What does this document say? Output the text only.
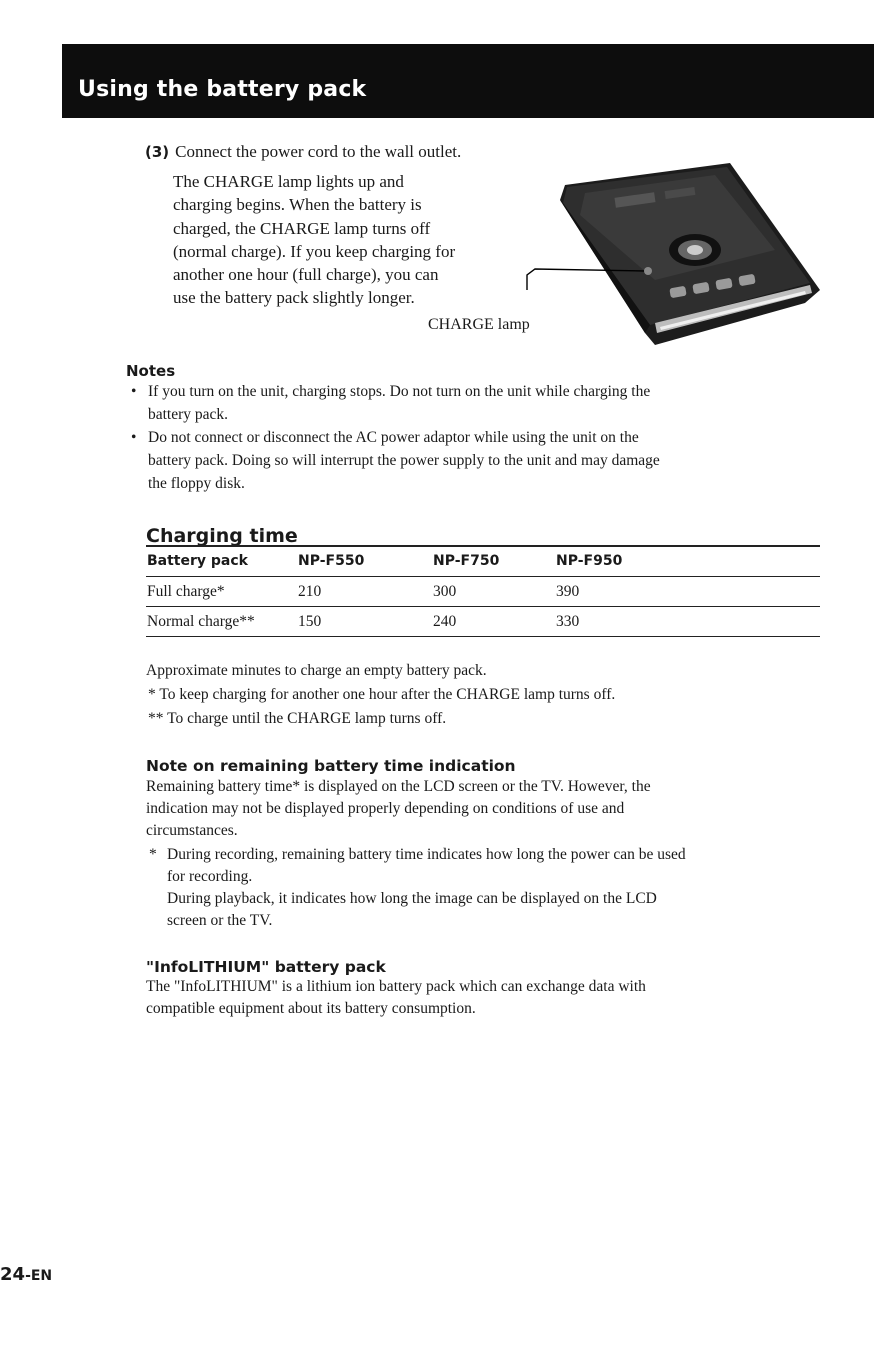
Using the battery pack
(3) Connect the power cord to the wall outlet.
The CHARGE lamp lights up and
charging begins. When the battery is
charged, the CHARGE lamp turns off
(normal charge). If you keep charging for
another one hour (full charge), you can
use the battery pack slightly longer.
CHARGE lamp
Notes
• If you turn on the unit, charging stops. Do not turn on the unit while charging the
battery pack.
• Do not connect or disconnect the AC power adaptor while using the unit on the
battery pack. Doing so will interrupt the power supply to the unit and may damage
the floppy disk.
Charging time
Battery pack	NP-F550	NP-F750	NP-F950
Full charge*	210	300	390
Normal charge**	150	240	330
Approximate minutes to charge an empty battery pack.
* To keep charging for another one hour after the CHARGE lamp turns off.
** To charge until the CHARGE lamp turns off.
Note on remaining battery time indication
Remaining battery time* is displayed on the LCD screen or the TV. However, the
indication may not be displayed properly depending on conditions of use and
circumstances.
* During recording, remaining battery time indicates how long the power can be used
for recording.
During playback, it indicates how long the image can be displayed on the LCD
screen or the TV.
"InfoLITHIUM" battery pack
The "InfoLITHIUM" is a lithium ion battery pack which can exchange data with
compatible equipment about its battery consumption.
24-EN
